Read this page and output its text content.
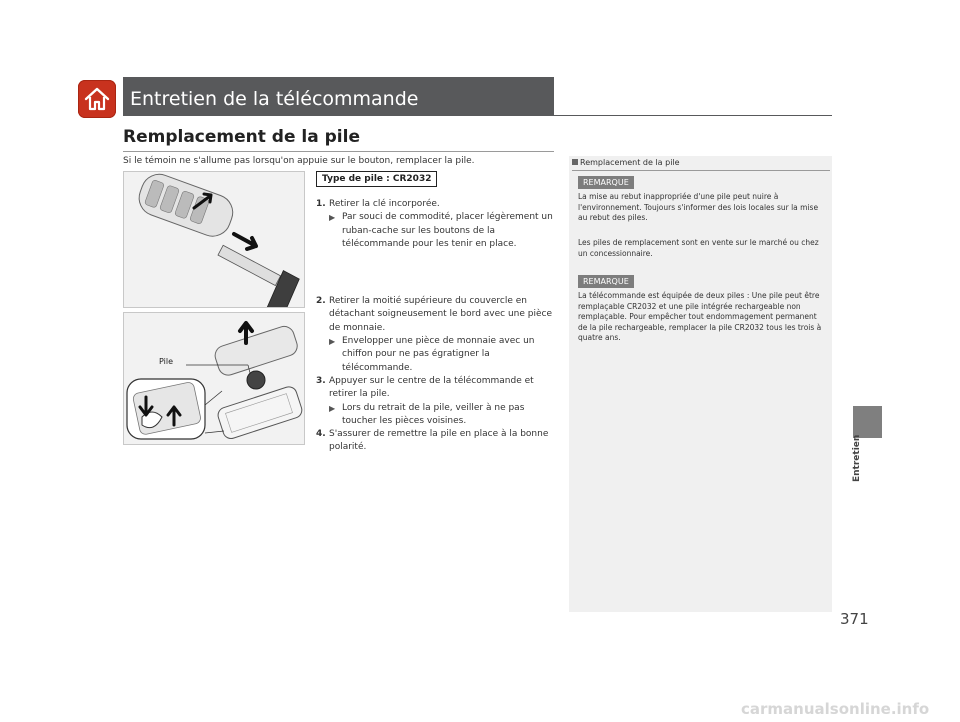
Entretien de la télécommande
Remplacement de la pile
Si le témoin ne s'allume pas lorsqu'on appuie sur le bouton, remplacer la pile.
Pile
Type de pile : CR2032
1. Retirer la clé incorporée.
▶ Par souci de commodité, placer légèrement un ruban-cache sur les boutons de la télécommande pour les tenir en place.
2. Retirer la moitié supérieure du couvercle en détachant soigneusement le bord avec une pièce de monnaie.
▶ Envelopper une pièce de monnaie avec un chiffon pour ne pas égratigner la télécommande.
3. Appuyer sur le centre de la télécommande et retirer la pile.
▶ Lors du retrait de la pile, veiller à ne pas toucher les pièces voisines.
4. S'assurer de remettre la pile en place à la bonne polarité.
Remplacement de la pile
REMARQUE
La mise au rebut inappropriée d'une pile peut nuire à l'environnement. Toujours s'informer des lois locales sur la mise au rebut des piles.
Les piles de remplacement sont en vente sur le marché ou chez un concessionnaire.
REMARQUE
La télécommande est équipée de deux piles : Une pile peut être remplaçable CR2032 et une pile intégrée rechargeable non remplaçable. Pour empêcher tout endommagement permanent de la pile rechargeable, remplacer la pile CR2032 tous les trois à quatre ans.
Entretien
371
carmanualsonline.info
